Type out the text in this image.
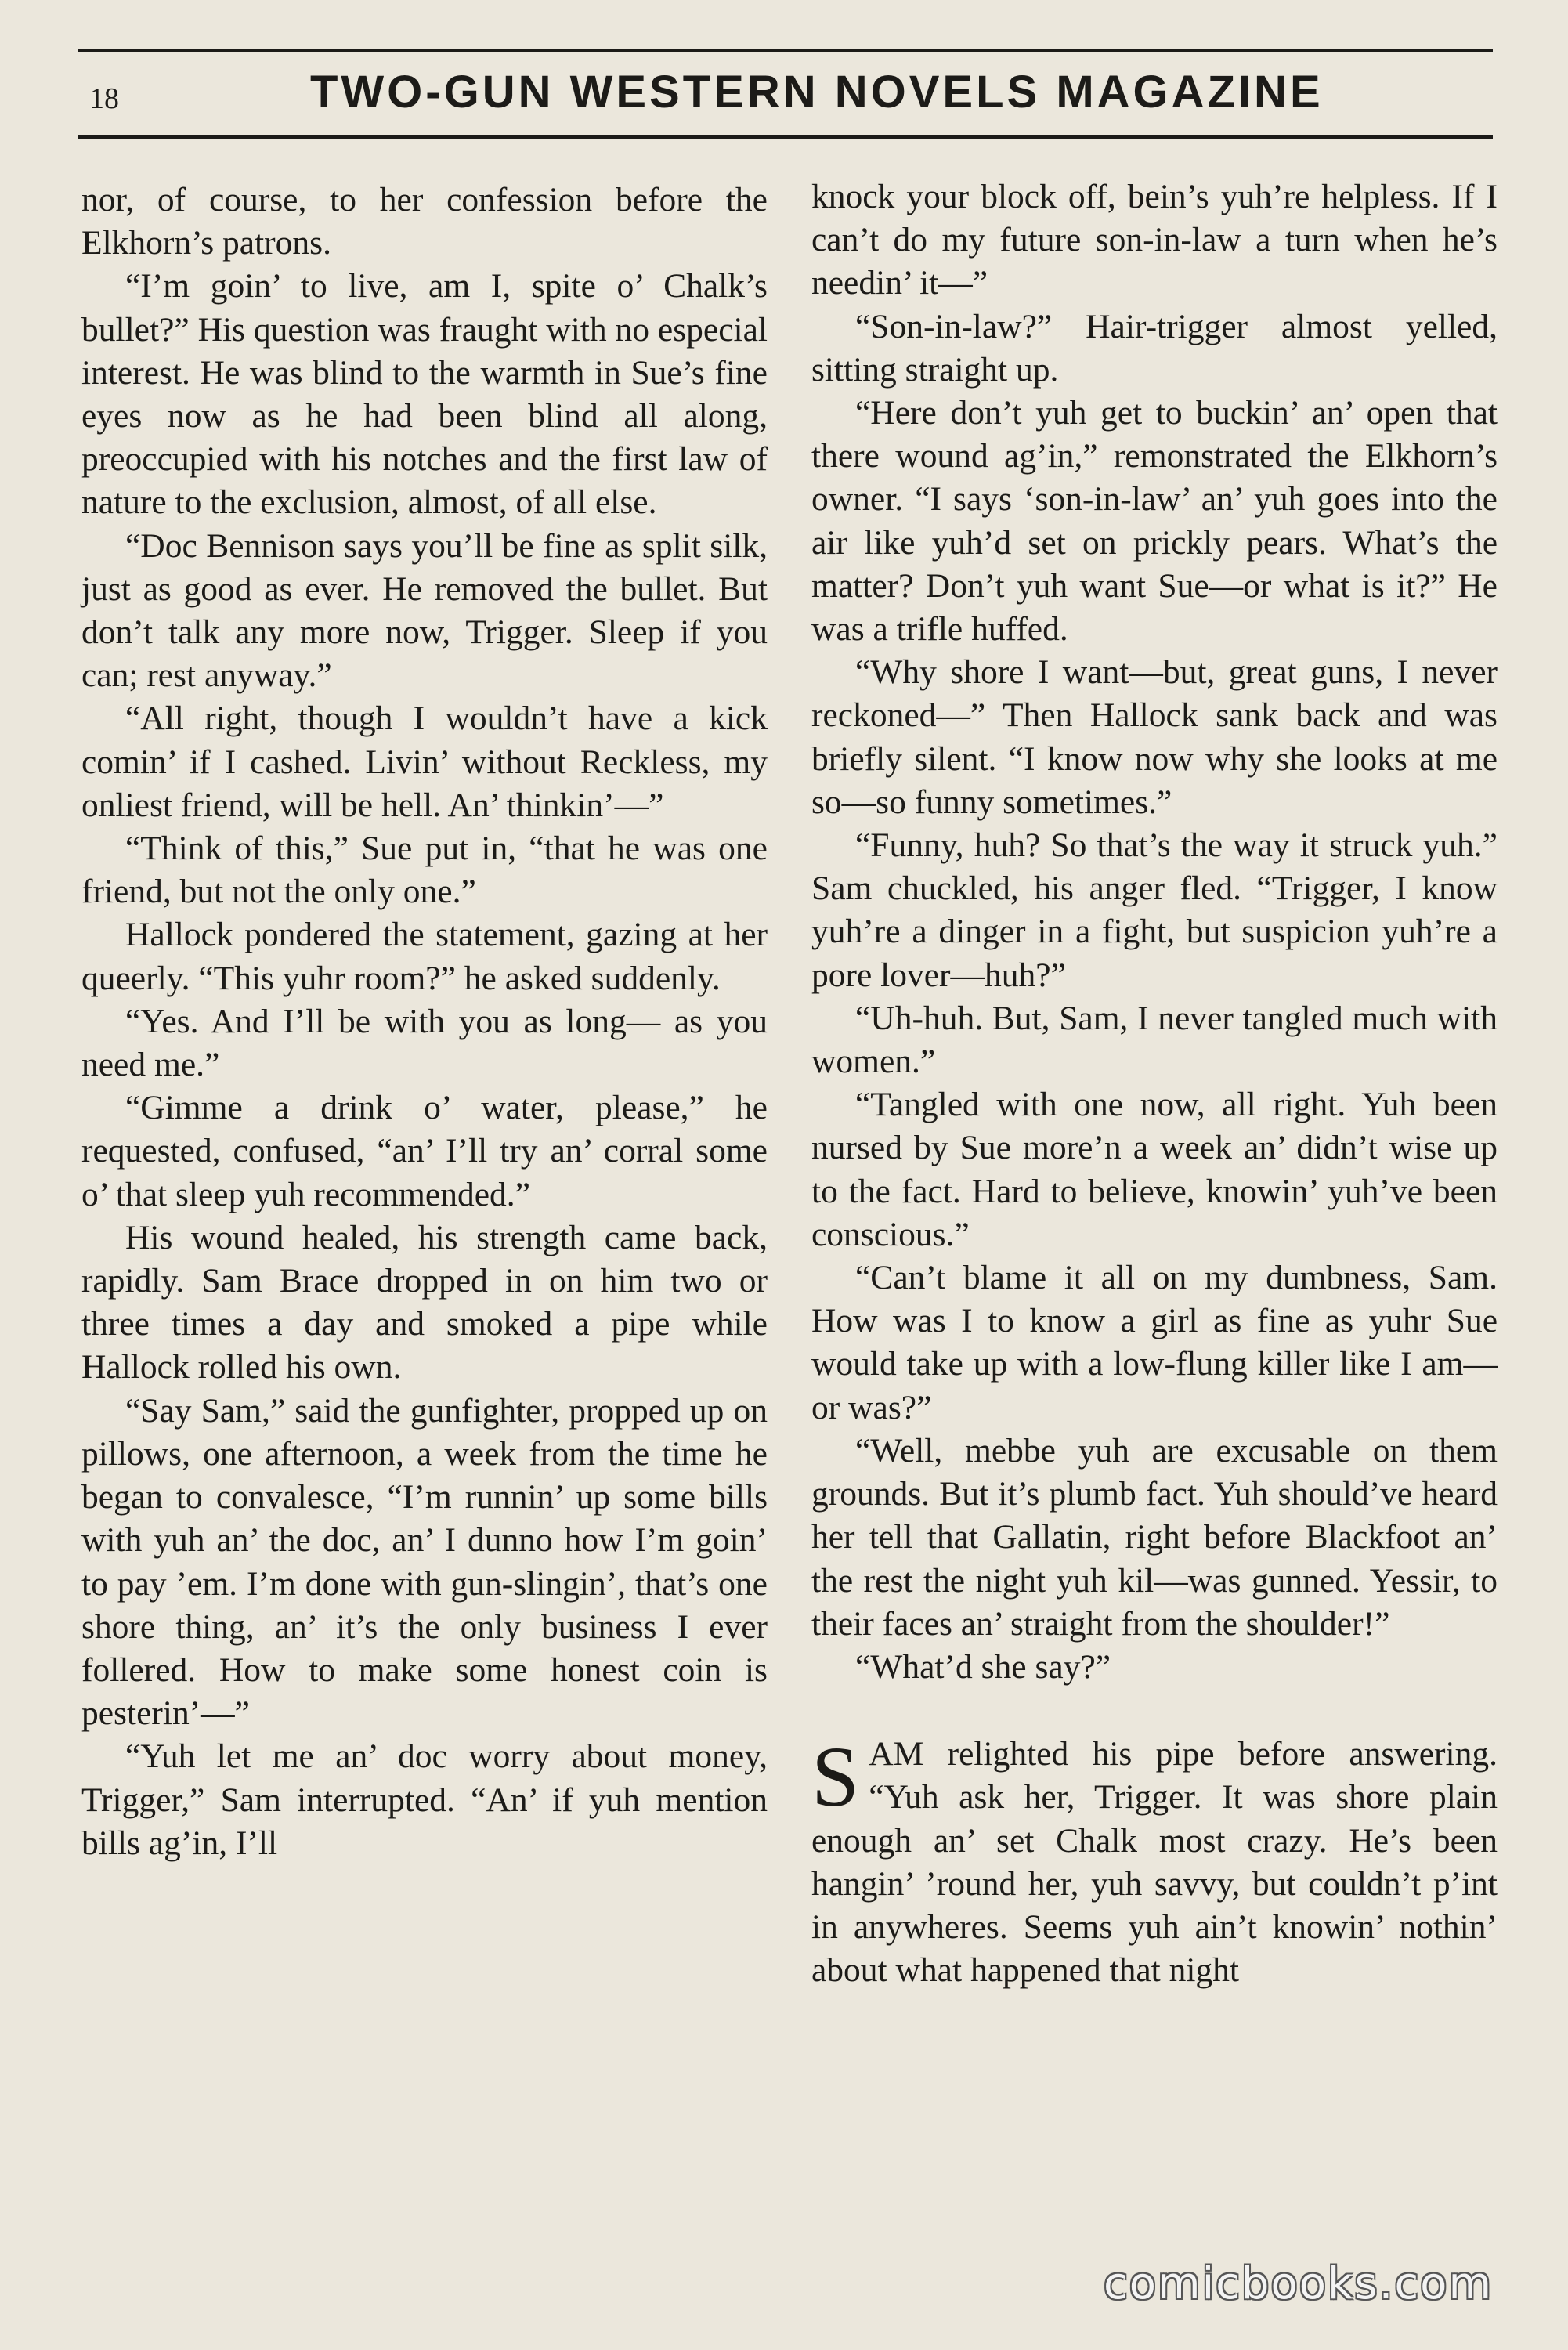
18	TWO-GUN WESTERN NOVELS MAGAZINE

nor, of course, to her confession before the Elkhorn’s patrons.

“I’m goin’ to live, am I, spite o’ Chalk’s bullet?” His question was fraught with no especial interest. He was blind to the warmth in Sue’s fine eyes now as he had been blind all along, preoccupied with his notches and the first law of nature to the exclusion, almost, of all else.

“Doc Bennison says you’ll be fine as split silk, just as good as ever. He removed the bullet. But don’t talk any more now, Trigger. Sleep if you can; rest anyway.”

“All right, though I wouldn’t have a kick comin’ if I cashed. Livin’ without Reckless, my onliest friend, will be hell. An’ thinkin’—”

“Think of this,” Sue put in, “that he was one friend, but not the only one.”

Hallock pondered the statement, gazing at her queerly. “This yuhr room?” he asked suddenly.

“Yes. And I’ll be with you as long— as you need me.”

“Gimme a drink o’ water, please,” he requested, confused, “an’ I’ll try an’ corral some o’ that sleep yuh recommended.”

His wound healed, his strength came back, rapidly. Sam Brace dropped in on him two or three times a day and smoked a pipe while Hallock rolled his own.

“Say Sam,” said the gunfighter, propped up on pillows, one afternoon, a week from the time he began to convalesce, “I’m runnin’ up some bills with yuh an’ the doc, an’ I dunno how I’m goin’ to pay ’em. I’m done with gun-slingin’, that’s one shore thing, an’ it’s the only business I ever follered. How to make some honest coin is pesterin’—”

“Yuh let me an’ doc worry about money, Trigger,” Sam interrupted. “An’ if yuh mention bills ag’in, I’ll

knock your block off, bein’s yuh’re helpless. If I can’t do my future son-in-law a turn when he’s needin’ it—”

“Son-in-law?” Hair-trigger almost yelled, sitting straight up.

“Here don’t yuh get to buckin’ an’ open that there wound ag’in,” remonstrated the Elkhorn’s owner. “I says ‘son-in-law’ an’ yuh goes into the air like yuh’d set on prickly pears. What’s the matter? Don’t yuh want Sue—or what is it?” He was a trifle huffed.

“Why shore I want—but, great guns, I never reckoned—” Then Hallock sank back and was briefly silent. “I know now why she looks at me so—so funny sometimes.”

“Funny, huh? So that’s the way it struck yuh.” Sam chuckled, his anger fled. “Trigger, I know yuh’re a dinger in a fight, but suspicion yuh’re a pore lover—huh?”

“Uh-huh. But, Sam, I never tangled much with women.”

“Tangled with one now, all right. Yuh been nursed by Sue more’n a week an’ didn’t wise up to the fact. Hard to believe, knowin’ yuh’ve been conscious.”

“Can’t blame it all on my dumbness, Sam. How was I to know a girl as fine as yuhr Sue would take up with a low-flung killer like I am—or was?”

“Well, mebbe yuh are excusable on them grounds. But it’s plumb fact. Yuh should’ve heard her tell that Gallatin, right before Blackfoot an’ the rest the night yuh kil—was gunned. Yessir, to their faces an’ straight from the shoulder!”

“What’d she say?”

SAM relighted his pipe before answering. “Yuh ask her, Trigger. It was shore plain enough an’ set Chalk most crazy. He’s been hangin’ ’round her, yuh savvy, but couldn’t p’int in anywheres. Seems yuh ain’t knowin’ nothin’ about what happened that night

comicbooks.com
